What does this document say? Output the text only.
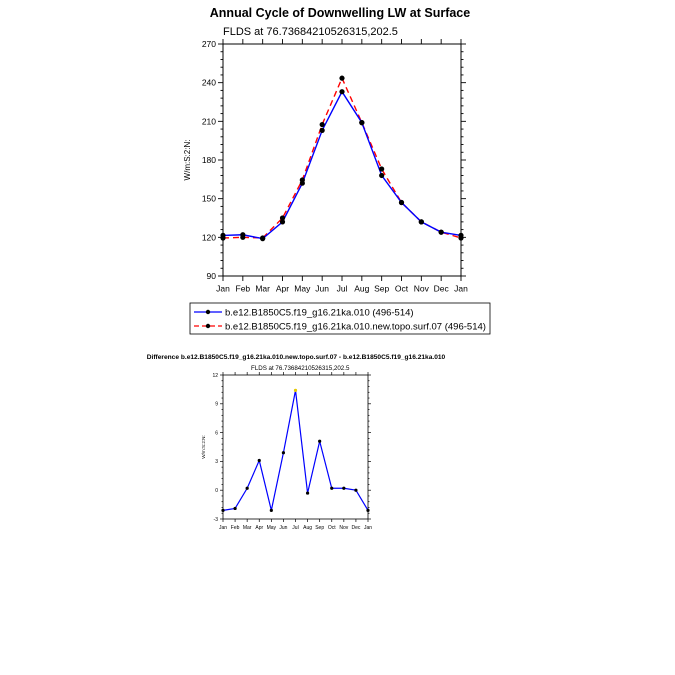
Annual Cycle of Downwelling LW at Surface
FLDS at 76.73684210526315,202.5
W/m:S:2:N:
90
120
150
180
210
240
270
Jan Feb Mar Apr May Jun Jul Aug Sep Oct Nov Dec Jan
b.e12.B1850C5.f19_g16.21ka.010 (496-514)
b.e12.B1850C5.f19_g16.21ka.010.new.topo.surf.07 (496-514)
Difference b.e12.B1850C5.f19_g16.21ka.010.new.topo.surf.07 - b.e12.B1850C5.f19_g16.21ka.010
FLDS at 76.73684210526315,202.5
W/m:S:2:N:
-3
0
3
6
9
12
Jan Feb Mar Apr May Jun Jul Aug Sep Oct Nov Dec Jan
